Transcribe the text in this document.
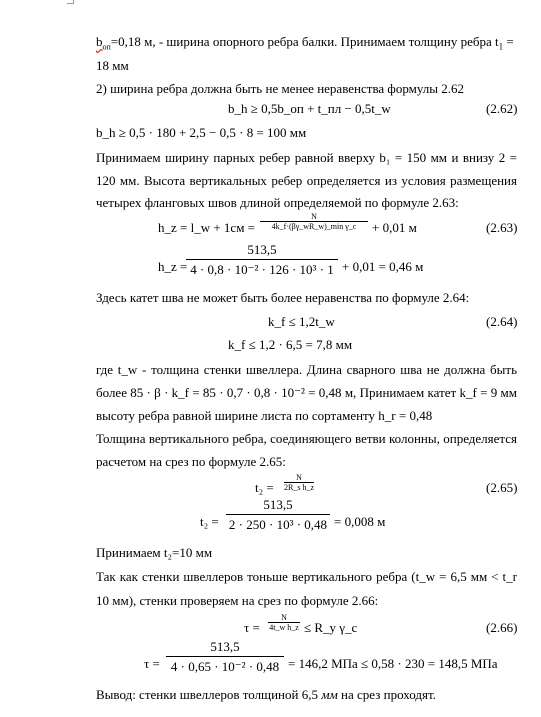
$b_{оп}=0,18$ м, - ширина опорного ребра балки. Принимаем толщину ребра $t_1$ =
18 мм
2) ширина ребра должна быть не менее неравенства формулы 2.62
b_h ≥ 0,5b_оп + t_пл − 0,5t_w	(2.62)
b_h ≥ 0,5 · 180 + 2,5 − 0,5 · 8 = 100 мм
Принимаем ширину парных ребер равной вверху b₁ = 150 мм и внизу 2 =
120 мм. Высота вертикальных ребер определяется из условия размещения
четырех фланговых швов длиной определяемой по формуле 2.63:
h_z = l_w + 1см =
N
4k_f·(βγ_wR_w)_min γ_c	+ 0,01 м	(2.63)
h_z =
513,5
4 · 0,8 · 10⁻² · 126 · 10³ · 1 + 0,01 = 0,46 м
Здесь катет шва не может быть более неравенства по формуле 2.64:
k_f ≤ 1,2t_w	(2.64)
k_f ≤ 1,2 · 6,5 = 7,8 мм
где t_w - толщина стенки швеллера. Длина сварного шва не должна быть
более 85 · β · k_f = 85 · 0,7 · 0,8 · 10⁻² = 0,48 м, Принимаем катет k_f = 9 мм
высоту ребра равной ширине листа по сортаменту h_r = 0,48
Толщина вертикального ребра, соединяющего ветви колонны, определяется
расчетом на срез по формуле 2.65:
t₂ =
N
2R_s h_z	(2.65)
t₂ =
513,5
2 · 250 · 10³ · 0,48 = 0,008 м
Принимаем t₂=10 мм
Так как стенки швеллеров тоньше вертикального ребра (t_w = 6,5 мм < t_r
10 мм), стенки проверяем на срез по формуле 2.66:
τ =
N
4t_w h_z ≤ R_y γ_c	(2.66)
τ =
513,5
4 · 0,65 · 10⁻² · 0,48 = 146,2 МПа ≤ 0,58 · 230 = 148,5 МПа
Вывод: стенки швеллеров толщиной 6,5 мм на срез проходят.
